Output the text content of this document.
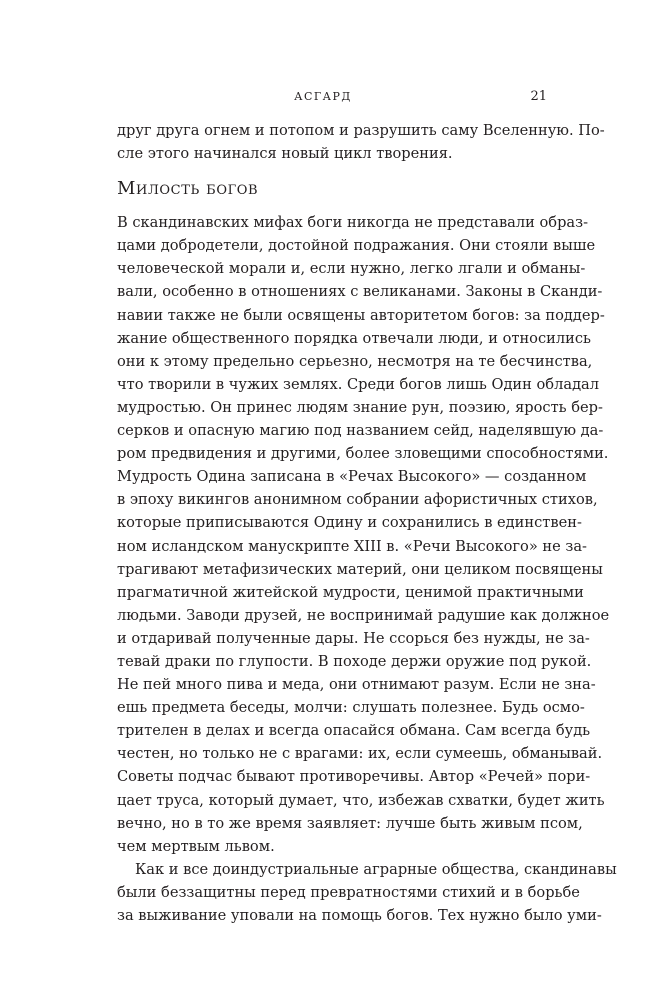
АСГАРД	21
друг друга огнем и потопом и разрушить саму Вселенную. По-
сле этого начинался новый цикл творения.
Милость богов
В скандинавских мифах боги никогда не представали образ-
цами добродетели, достойной подражания. Они стояли выше
человеческой морали и, если нужно, легко лгали и обманы-
вали, особенно в отношениях с великанами. Законы в Сканди-
навии также не были освящены авторитетом богов: за поддер-
жание общественного порядка отвечали люди, и относились
они к этому предельно серьезно, несмотря на те бесчинства,
что творили в чужих землях. Среди богов лишь Один обладал
мудростью. Он принес людям знание рун, поэзию, ярость бер-
серков и опасную магию под названием сейд, наделявшую да-
ром предвидения и другими, более зловещими способностями.
Мудрость Одина записана в «Речах Высокого» — созданном
в эпоху викингов анонимном собрании афористичных стихов,
которые приписываются Одину и сохранились в единствен-
ном исландском манускрипте XIII в. «Речи Высокого» не за-
трагивают метафизических материй, они целиком посвящены
прагматичной житейской мудрости, ценимой практичными
людьми. Заводи друзей, не воспринимай радушие как должное
и отдаривай полученные дары. Не ссорься без нужды, не за-
тевай драки по глупости. В походе держи оружие под рукой.
Не пей много пива и меда, они отнимают разум. Если не зна-
ешь предмета беседы, молчи: слушать полезнее. Будь осмо-
трителен в делах и всегда опасайся обмана. Сам всегда будь
честен, но только не с врагами: их, если сумеешь, обманывай.
Советы подчас бывают противоречивы. Автор «Речей» пори-
цает труса, который думает, что, избежав схватки, будет жить
вечно, но в то же время заявляет: лучше быть живым псом,
чем мертвым львом.
Как и все доиндустриальные аграрные общества, скандинавы
были беззащитны перед превратностями стихий и в борьбе
за выживание уповали на помощь богов. Тех нужно было уми-
